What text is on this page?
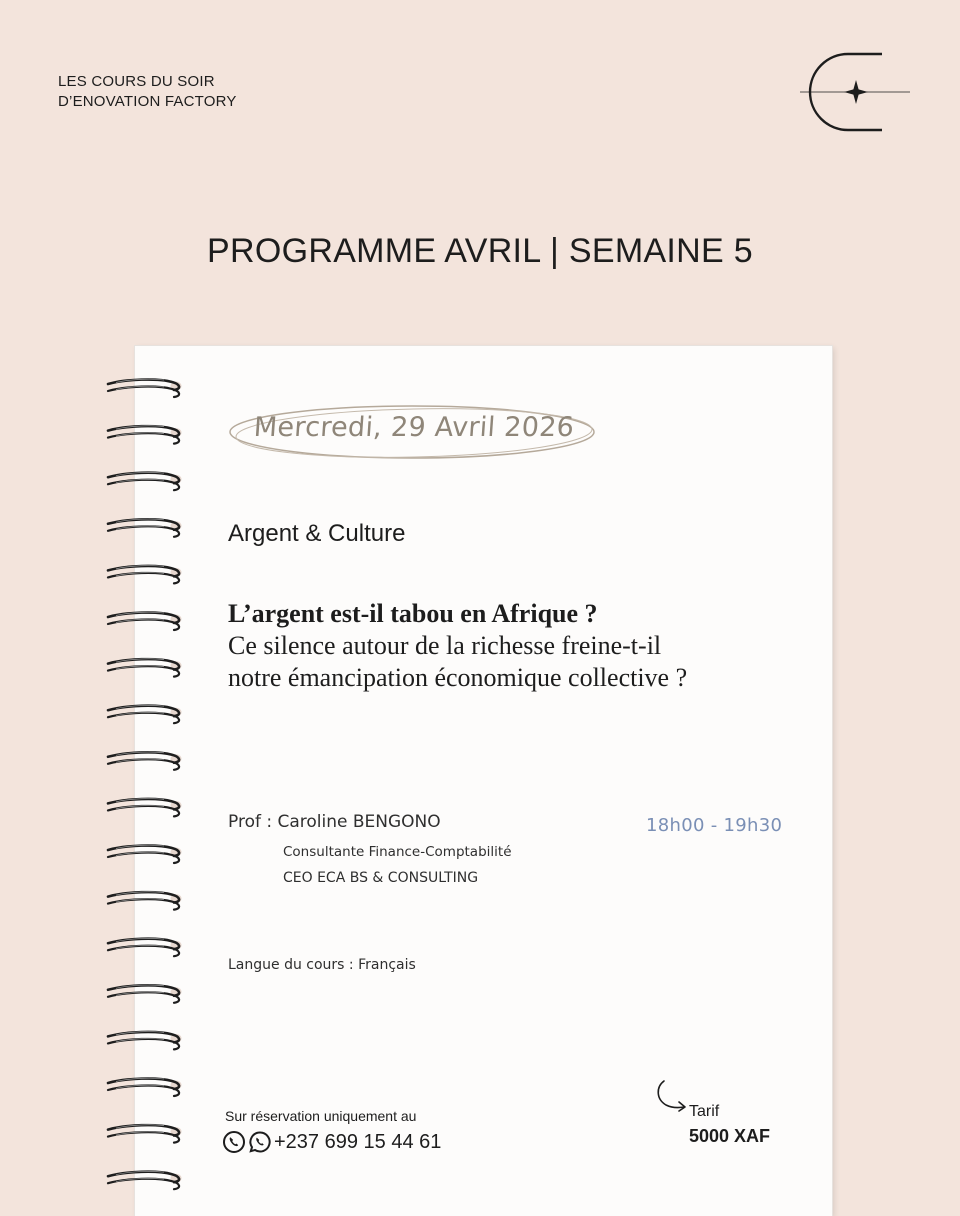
LES COURS DU SOIR
D’ENOVATION FACTORY
PROGRAMME AVRIL | SEMAINE 5
Mercredi, 29 Avril 2026
Argent & Culture
L’argent est-il tabou en Afrique ?
Ce silence autour de la richesse freine-t-il
notre émancipation économique collective ?
Prof : Caroline BENGONO
Consultante Finance-Comptabilité
CEO ECA BS & CONSULTING
18h00 - 19h30
Langue du cours : Français
Sur réservation uniquement au
+237 699 15 44 61
Tarif
5000 XAF
